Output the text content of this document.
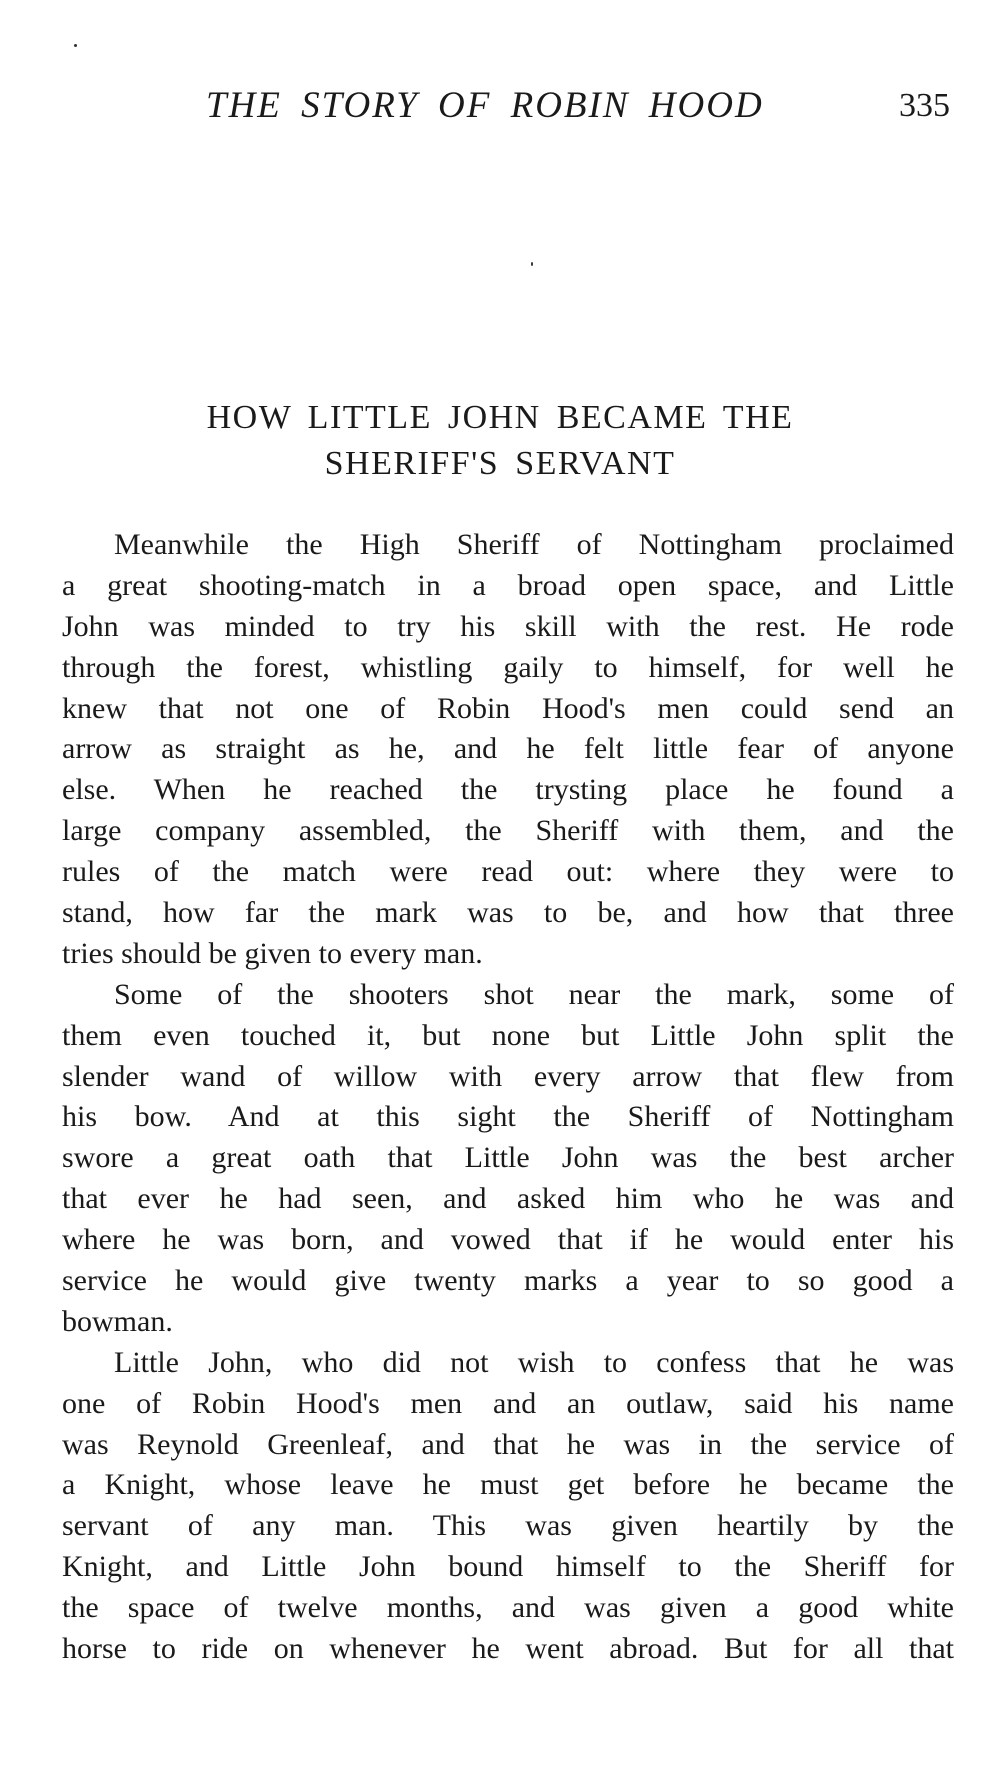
THE STORY OF ROBIN HOOD	335
HOW LITTLE JOHN BECAME THE
SHERIFF'S SERVANT
Meanwhile the High Sheriff of Nottingham proclaimed
a great shooting-match in a broad open space, and Little
John was minded to try his skill with the rest. He rode
through the forest, whistling gaily to himself, for well he
knew that not one of Robin Hood's men could send an
arrow as straight as he, and he felt little fear of anyone
else. When he reached the trysting place he found a
large company assembled, the Sheriff with them, and the
rules of the match were read out: where they were to
stand, how far the mark was to be, and how that three
tries should be given to every man.
Some of the shooters shot near the mark, some of
them even touched it, but none but Little John split the
slender wand of willow with every arrow that flew from
his bow. And at this sight the Sheriff of Nottingham
swore a great oath that Little John was the best archer
that ever he had seen, and asked him who he was and
where he was born, and vowed that if he would enter his
service he would give twenty marks a year to so good a
bowman.
Little John, who did not wish to confess that he was
one of Robin Hood's men and an outlaw, said his name
was Reynold Greenleaf, and that he was in the service of
a Knight, whose leave he must get before he became the
servant of any man. This was given heartily by the
Knight, and Little John bound himself to the Sheriff for
the space of twelve months, and was given a good white
horse to ride on whenever he went abroad. But for all that
